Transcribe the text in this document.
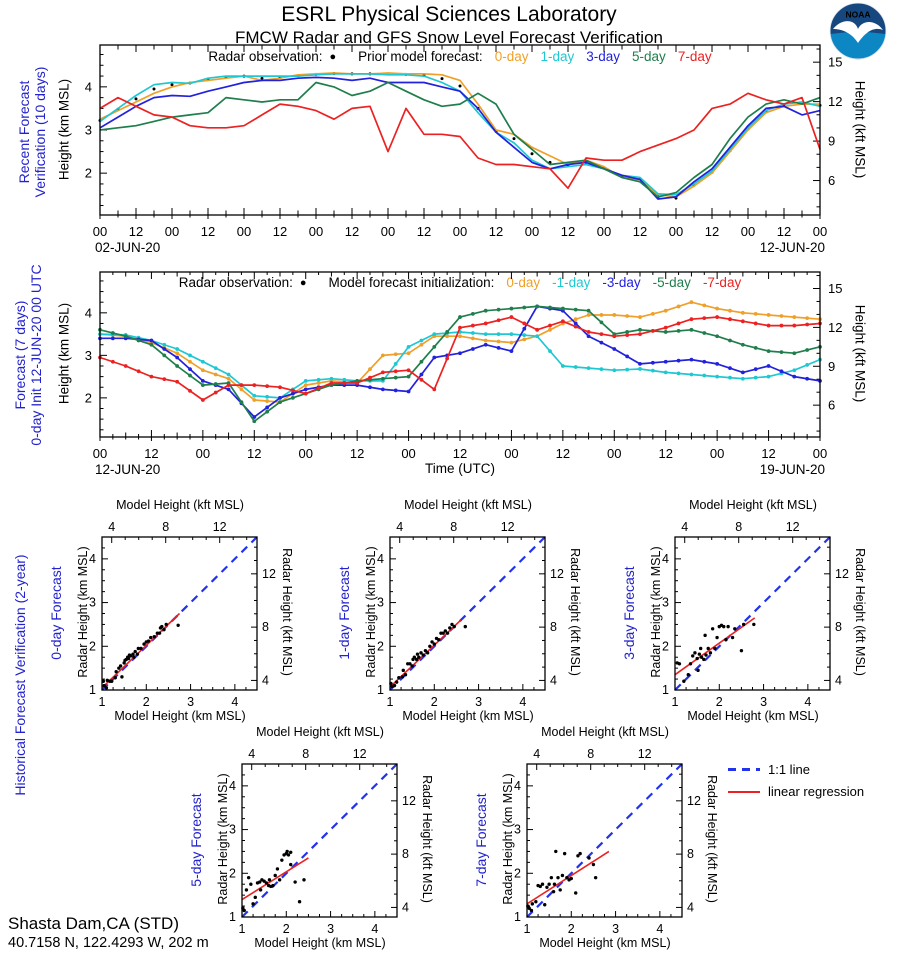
ESRL Physical Sciences Laboratory
FMCW Radar and GFS Snow Level Forecast Verification
NOAA
Recent Forecast Verification (10 days) Height (km MSL)	Height (kft MSL)
Radar observation: ● Prior model forecast: 0-day 1-day 3-day 5-day 7-day
00 12 00 12 00 12 00 12 00 12 00 12 00 12 00 12 00 12 00 12 00
2
3
4
6
9
12
15
02-JUN-20	12-JUN-20
Forecast (7 days) 0-day Init 12-JUN-20 00 UTC Height (km MSL)	Height (kft MSL)
Radar observation: ● Model forecast initialization: 0-day -1-day -3-day -5-day -7-day
00	12	00	12	00	12	00	12	00	12	00	12	00	12	00
2
3
4
6
9
12
15
12-JUN-20	19-JUN-20
Time (UTC)
Historical Forecast Verification (2-year)
Model Height (kft MSL)
0-day Forecast Radar Height (km MSL)	Radar Height (kft MSL)
1
1
2
2
3
3
4
4
4
4
8
8
12
12
Model Height (km MSL)
Model Height (kft MSL)
1-day Forecast Radar Height (km MSL)	Radar Height (kft MSL)
1
1
2
2
3
3
4
4
4
4
8
8
12
12
Model Height (km MSL)
Model Height (kft MSL)
3-day Forecast Radar Height (km MSL)	Radar Height (kft MSL)
1
1
2
2
3
3
4
4
4
4
8
8
12
12
Model Height (km MSL)
Model Height (kft MSL)
5-day Forecast Radar Height (km MSL)	Radar Height (kft MSL)
1
1
2
2
3
3
4
4
4
4
8
8
12
12
Model Height (km MSL)
Model Height (kft MSL)
7-day Forecast Radar Height (km MSL)	Radar Height (kft MSL)
1
1
2
2
3
3
4
4
4
4
8
8
12
12
Model Height (km MSL)
1:1 line
linear regression
Shasta Dam,CA (STD)
40.7158 N, 122.4293 W, 202 m
